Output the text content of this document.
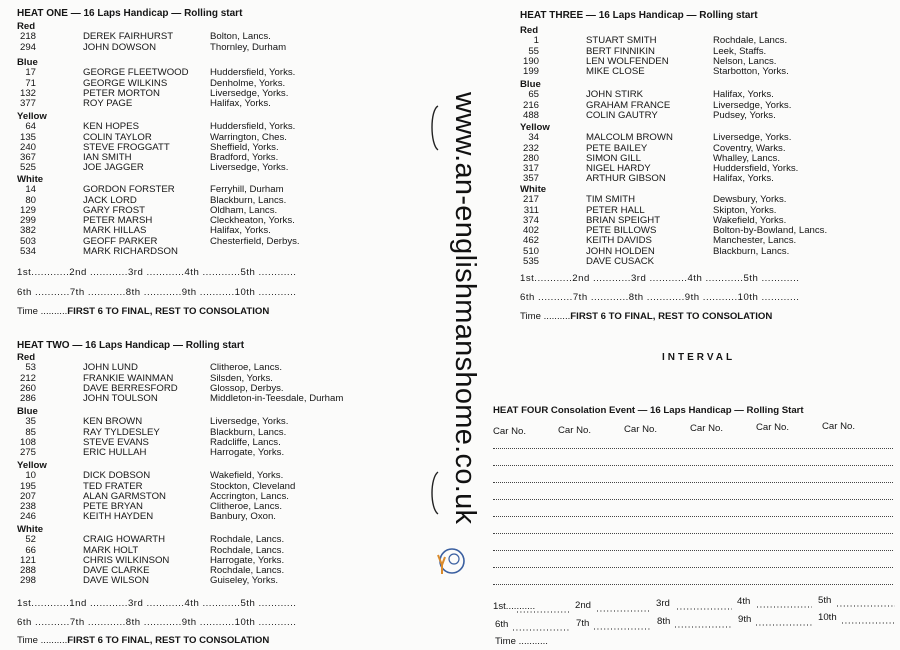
HEAT ONE — 16 Laps Handicap — Rolling start
Red
218	DEREK FAIRHURST	Bolton, Lancs.
294	JOHN DOWSON	Thornley, Durham
Blue
17	GEORGE FLEETWOOD	Huddersfield, Yorks.
71	GEORGE WILKINS	Denholme, Yorks.
132	PETER MORTON	Liversedge, Yorks.
377	ROY PAGE	Halifax, Yorks.
Yellow
64	KEN HOPES	Huddersfield, Yorks.
135	COLIN TAYLOR	Warrington, Ches.
240	STEVE FROGGATT	Sheffield, Yorks.
367	IAN SMITH	Bradford, Yorks.
525	JOE JAGGER	Liversedge, Yorks.
White
14	GORDON FORSTER	Ferryhill, Durham
80	JACK LORD	Blackburn, Lancs.
129	GARY FROST	Oldham, Lancs.
299	PETER MARSH	Cleckheaton, Yorks.
382	MARK HILLAS	Halifax, Yorks.
503	GEOFF PARKER	Chesterfield, Derbys.
534	MARK RICHARDSON
1st............2nd ............3rd ............4th ............5th ............
6th ...........7th ............8th ............9th ...........10th ............
Time ..........FIRST 6 TO FINAL, REST TO CONSOLATION
HEAT TWO — 16 Laps Handicap — Rolling start
Red
53	JOHN LUND	Clitheroe, Lancs.
212	FRANKIE WAINMAN	Silsden, Yorks.
260	DAVE BERRESFORD	Glossop, Derbys.
286	JOHN TOULSON	Middleton-in-Teesdale, Durham
Blue
35	KEN BROWN	Liversedge, Yorks.
85	RAY TYLDESLEY	Blackburn, Lancs.
108	STEVE EVANS	Radcliffe, Lancs.
275	ERIC HULLAH	Harrogate, Yorks.
Yellow
10	DICK DOBSON	Wakefield, Yorks.
195	TED FRATER	Stockton, Cleveland
207	ALAN GARMSTON	Accrington, Lancs.
238	PETE BRYAN	Clitheroe, Lancs.
246	KEITH HAYDEN	Banbury, Oxon.
White
52	CRAIG HOWARTH	Rochdale, Lancs.
66	MARK HOLT	Rochdale, Lancs.
121	CHRIS WILKINSON	Harrogate, Yorks.
288	DAVE CLARKE	Rochdale, Lancs.
298	DAVE WILSON	Guiseley, Yorks.
1st............1nd ............3rd ............4th ............5th ............
6th ...........7th ............8th ............9th ...........10th ............
Time ..........FIRST 6 TO FINAL, REST TO CONSOLATION
HEAT THREE — 16 Laps Handicap — Rolling start
Red
1	STUART SMITH	Rochdale, Lancs.
55	BERT FINNIKIN	Leek, Staffs.
190	LEN WOLFENDEN	Nelson, Lancs.
199	MIKE CLOSE	Starbotton, Yorks.
Blue
65	JOHN STIRK	Halifax, Yorks.
216	GRAHAM FRANCE	Liversedge, Yorks.
488	COLIN GAUTRY	Pudsey, Yorks.
Yellow
34	MALCOLM BROWN	Liversedge, Yorks.
232	PETE BAILEY	Coventry, Warks.
280	SIMON GILL	Whalley, Lancs.
317	NIGEL HARDY	Huddersfield, Yorks.
357	ARTHUR GIBSON	Halifax, Yorks.
White
217	TIM SMITH	Dewsbury, Yorks.
311	PETER HALL	Skipton, Yorks.
374	BRIAN SPEIGHT	Wakefield, Yorks.
402	PETE BILLOWS	Bolton-by-Bowland, Lancs.
462	KEITH DAVIDS	Manchester, Lancs.
510	JOHN HOLDEN	Blackburn, Lancs.
535	DAVE CUSACK
1st............2nd ............3rd ............4th ............5th ............
6th ...........7th ............8th ............9th ...........10th ............
Time ..........FIRST 6 TO FINAL, REST TO CONSOLATION
INTERVAL
HEAT FOUR Consolation Event — 16 Laps Handicap — Rolling Start
Car No.	Car No.	Car No.	Car No.	Car No.	Car No.
1st...........	2nd	3rd	4th	5th
6th	7th	8th	9th	10th
Time ...........
www.an-englishmanshome.co.uk
